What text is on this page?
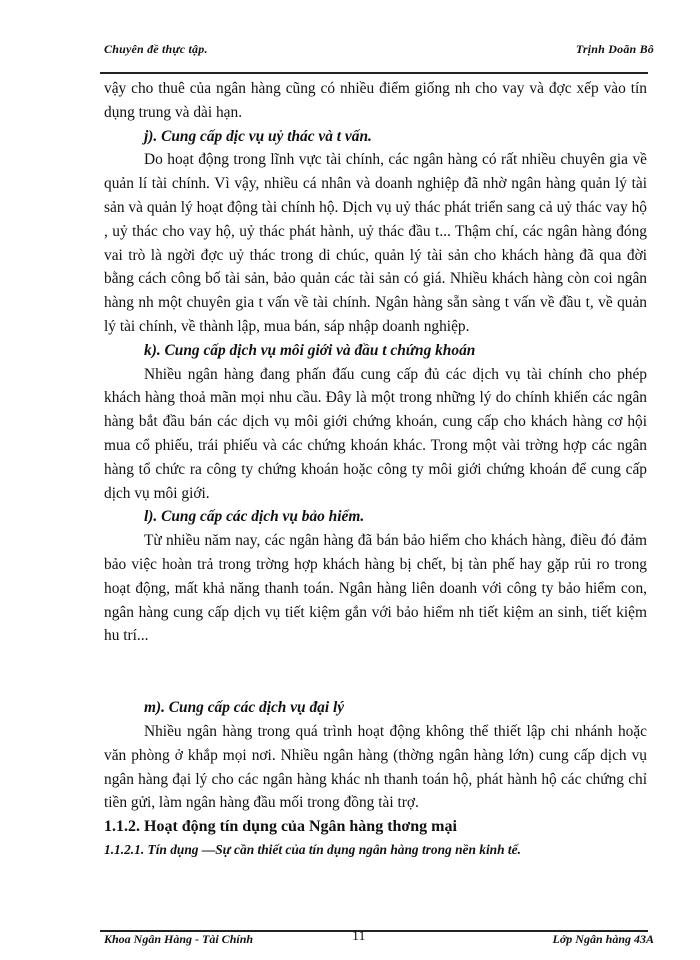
Chuyên đề thực tập.	Trịnh Doãn Bô

vậy cho thuê của ngân hàng cũng có nhiều điểm giống nh cho vay và đợc xếp vào tín dụng trung và dài hạn.

j). Cung cấp dịc vụ uỷ thác và t vấn.

Do hoạt động trong lĩnh vực tài chính, các ngân hàng có rất nhiều chuyên gia về quản lí tài chính. Vì vậy, nhiều cá nhân và doanh nghiệp đã nhờ ngân hàng quản lý tài sản và quản lý hoạt động tài chính hộ. Dịch vụ uỷ thác phát triển sang cả uỷ thác vay hộ , uỷ thác cho vay hộ, uỷ thác phát hành, uỷ thác đầu t... Thậm chí, các ngân hàng đóng vai trò là ngời đợc uỷ thác trong di chúc, quản lý tài sản cho khách hàng đã qua đời bằng cách công bố tài sản, bảo quản các tài sản có giá. Nhiều khách hàng còn coi ngân hàng nh một chuyên gia t vấn về tài chính. Ngân hàng sẵn sàng t vấn về đầu t, về quản lý tài chính, về thành lập, mua bán, sáp nhập doanh nghiệp.

k). Cung cấp dịch vụ môi giới và đầu t chứng khoán

Nhiều ngân hàng đang phấn đấu cung cấp đủ các dịch vụ tài chính cho phép khách hàng thoả mãn mọi nhu cầu. Đây là một trong những lý do chính khiến các ngân hàng bắt đầu bán các dịch vụ môi giới chứng khoán, cung cấp cho khách hàng cơ hội mua cổ phiếu, trái phiếu và các chứng khoán khác. Trong một vài trờng hợp các ngân hàng tổ chức ra công ty chứng khoán hoặc công ty môi giới chứng khoán để cung cấp dịch vụ môi giới.

l). Cung cấp các dịch vụ bảo hiểm.

Từ nhiều năm nay, các ngân hàng đã bán bảo hiểm cho khách hàng, điều đó đảm bảo việc hoàn trả trong trờng hợp khách hàng bị chết, bị tàn phế hay gặp rủi ro trong hoạt động, mất khả năng thanh toán. Ngân hàng liên doanh với công ty bảo hiểm con, ngân hàng cung cấp dịch vụ tiết kiệm gắn với bảo hiểm nh tiết kiệm an sinh, tiết kiệm hu trí...

m). Cung cấp các dịch vụ đại lý

Nhiều ngân hàng trong quá trình hoạt động không thể thiết lập chi nhánh hoặc văn phòng ở khắp mọi nơi. Nhiều ngân hàng (thờng ngân hàng lớn) cung cấp dịch vụ ngân hàng đại lý cho các ngân hàng khác nh thanh toán hộ, phát hành hộ các chứng chỉ tiền gửi, làm ngân hàng đầu mối trong đồng tài trợ.

1.1.2. Hoạt động tín dụng của Ngân hàng thơng mại

1.1.2.1. Tín dụng —Sự cần thiết của tín dụng ngân hàng trong nền kinh tế.

Khoa Ngân Hàng - Tài Chính	11	Lớp Ngân hàng 43A
